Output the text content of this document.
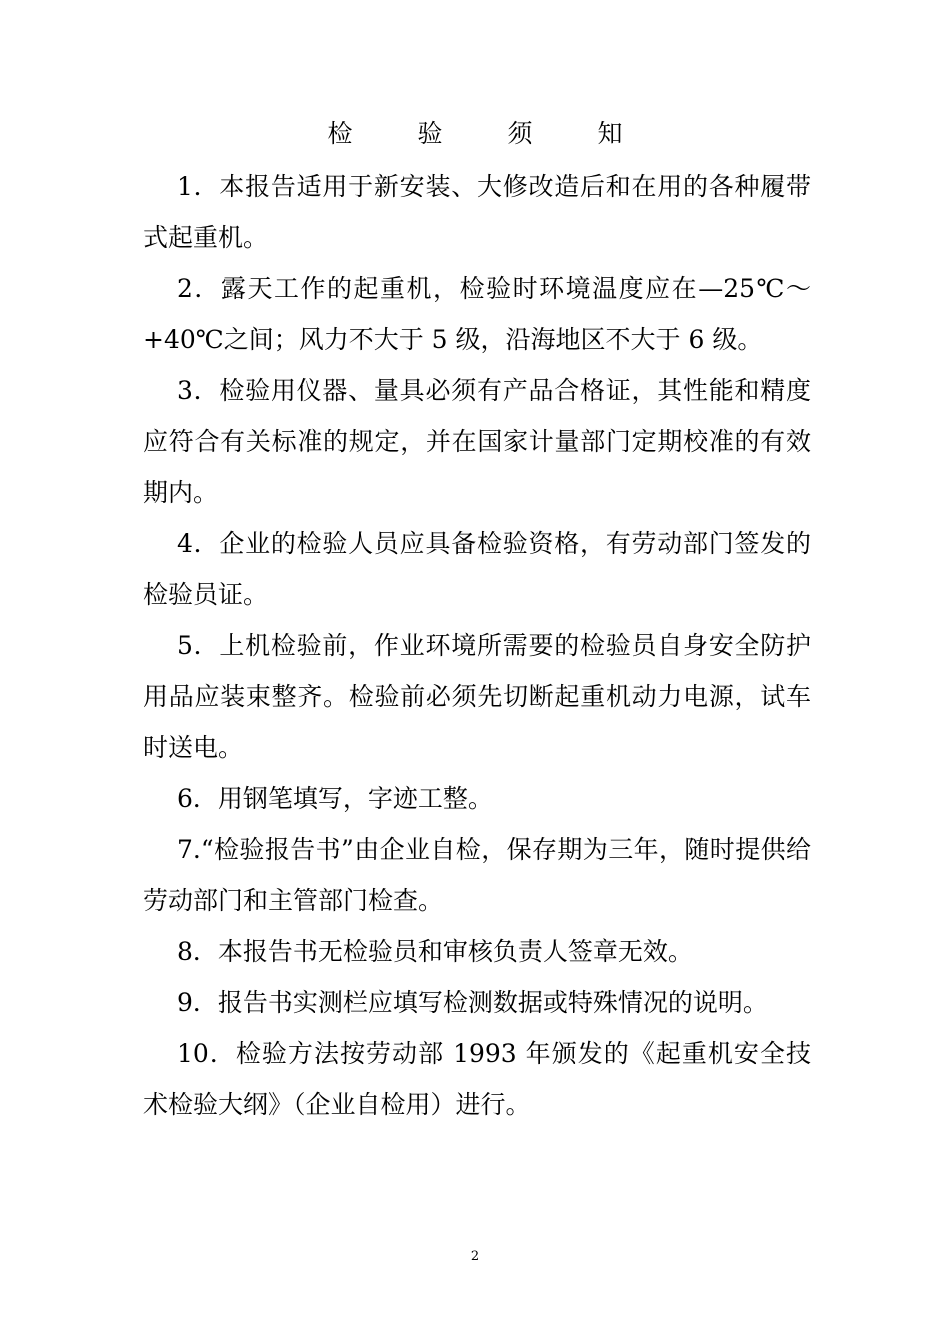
检　验　须　知

1．本报告适用于新安装、大修改造后和在用的各种履带式起重机。

2．露天工作的起重机，检验时环境温度应在—25℃～+40℃之间；风力不大于 5 级，沿海地区不大于 6 级。

3．检验用仪器、量具必须有产品合格证，其性能和精度应符合有关标准的规定，并在国家计量部门定期校准的有效期内。

4．企业的检验人员应具备检验资格，有劳动部门签发的检验员证。

5．上机检验前，作业环境所需要的检验员自身安全防护用品应装束整齐。检验前必须先切断起重机动力电源，试车时送电。

6．用钢笔填写，字迹工整。

7.“检验报告书”由企业自检，保存期为三年，随时提供给劳动部门和主管部门检查。

8．本报告书无检验员和审核负责人签章无效。

9．报告书实测栏应填写检测数据或特殊情况的说明。

10．检验方法按劳动部 1993 年颁发的《起重机安全技术检验大纲》（企业自检用）进行。

2
